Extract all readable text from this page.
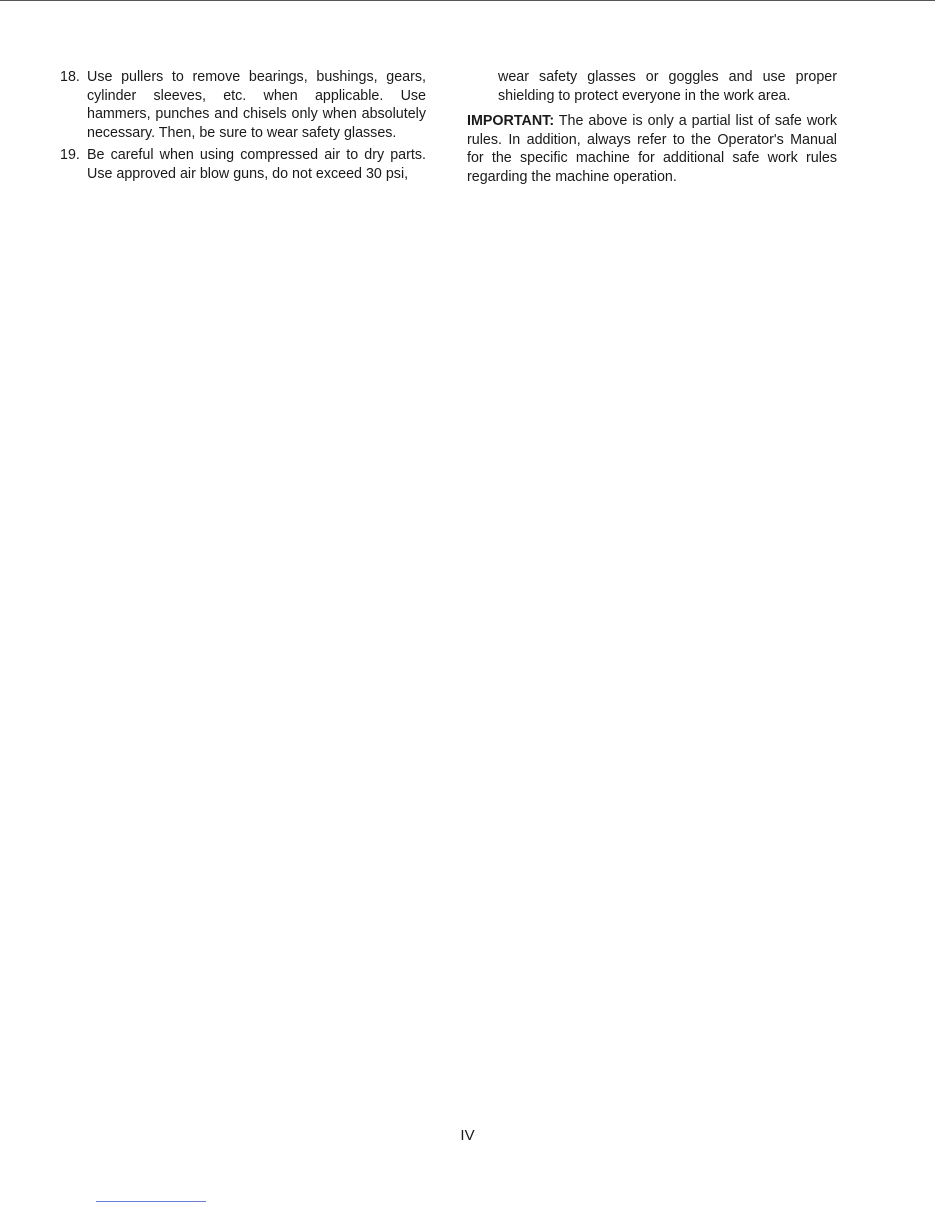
18. Use pullers to remove bearings, bushings, gears, cylinder sleeves, etc. when applicable. Use hammers, punches and chisels only when absolutely necessary. Then, be sure to wear safety glasses.
19. Be careful when using compressed air to dry parts. Use approved air blow guns, do not exceed 30 psi,
wear safety glasses or goggles and use proper shielding to protect everyone in the work area.
IMPORTANT: The above is only a partial list of safe work rules. In addition, always refer to the Operator's Manual for the specific machine for additional safe work rules regarding the machine operation.
IV
